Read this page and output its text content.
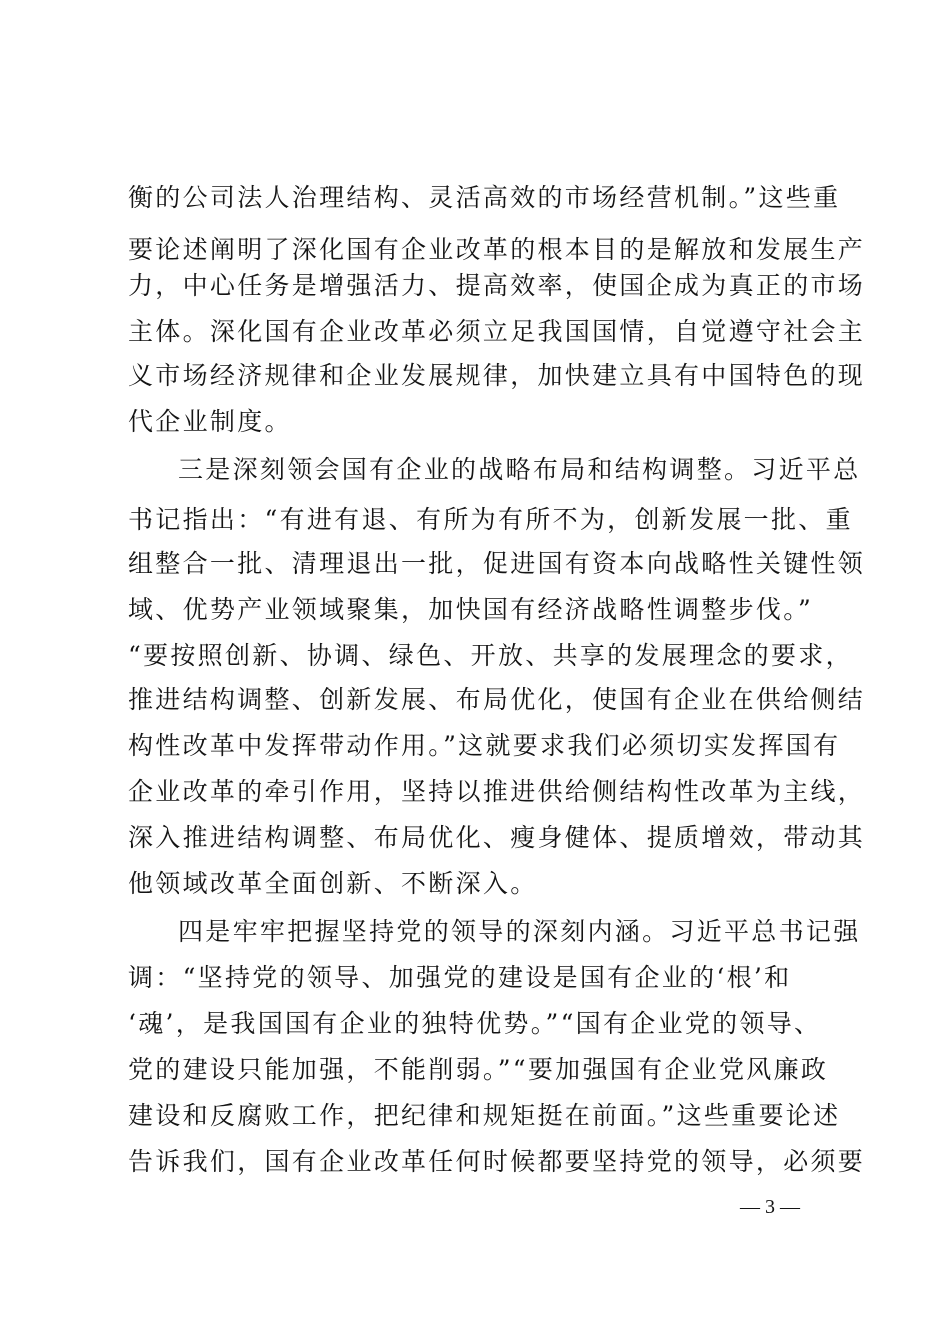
衡的公司法人治理结构、灵活高效的市场经营机制。”这些重
要论述阐明了深化国有企业改革的根本目的是解放和发展生产
力，中心任务是增强活力、提高效率，使国企成为真正的市场
主体。深化国有企业改革必须立足我国国情，自觉遵守社会主
义市场经济规律和企业发展规律，加快建立具有中国特色的现
代企业制度。
三是深刻领会国有企业的战略布局和结构调整。习近平总
书记指出：“有进有退、有所为有所不为，创新发展一批、重
组整合一批、清理退出一批，促进国有资本向战略性关键性领
域、优势产业领域聚集，加快国有经济战略性调整步伐。”
“要按照创新、协调、绿色、开放、共享的发展理念的要求，
推进结构调整、创新发展、布局优化，使国有企业在供给侧结
构性改革中发挥带动作用。”这就要求我们必须切实发挥国有
企业改革的牵引作用，坚持以推进供给侧结构性改革为主线，
深入推进结构调整、布局优化、瘦身健体、提质增效，带动其
他领域改革全面创新、不断深入。
四是牢牢把握坚持党的领导的深刻内涵。习近平总书记强
调：“坚持党的领导、加强党的建设是国有企业的‘根’和
‘魂’，是我国国有企业的独特优势。”“国有企业党的领导、
党的建设只能加强，不能削弱。”“要加强国有企业党风廉政
建设和反腐败工作，把纪律和规矩挺在前面。”这些重要论述
告诉我们，国有企业改革任何时候都要坚持党的领导，必须要
— 3 —
